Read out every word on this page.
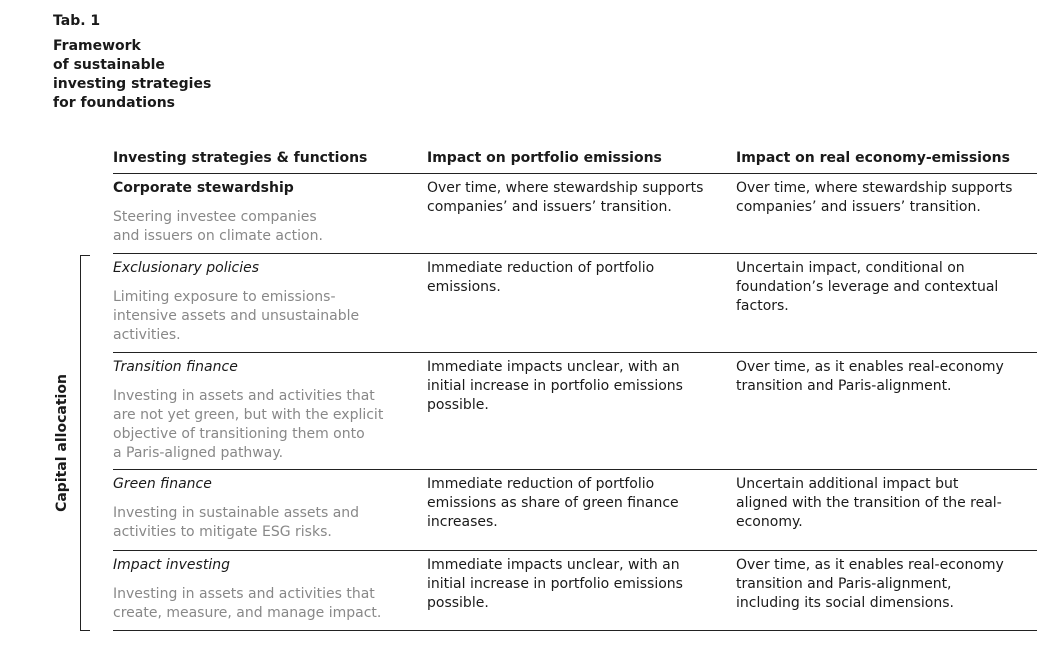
Tab. 1
Framework
of sustainable
investing strategies
for foundations
Capital allocation
Investing strategies & functions	Impact on portfolio emissions	Impact on real economy-emissions
Corporate stewardship
Steering investee companies
and issuers on climate action.
Over time, where stewardship supports
companies’ and issuers’ transition.
Over time, where stewardship supports
companies’ and issuers’ transition.
Exclusionary policies
Limiting exposure to emissions-
intensive assets and unsustainable
activities.
Immediate reduction of portfolio
emissions.
Uncertain impact, conditional on
foundation’s leverage and contextual
factors.
Transition finance
Investing in assets and activities that
are not yet green, but with the explicit
objective of transitioning them onto
a Paris-aligned pathway.
Immediate impacts unclear, with an
initial increase in portfolio emissions
possible.
Over time, as it enables real-economy
transition and Paris-alignment.
Green finance
Investing in sustainable assets and
activities to mitigate ESG risks.
Immediate reduction of portfolio
emissions as share of green finance
increases.
Uncertain additional impact but
aligned with the transition of the real-
economy.
Impact investing
Investing in assets and activities that
create, measure, and manage impact.
Immediate impacts unclear, with an
initial increase in portfolio emissions
possible.
Over time, as it enables real-economy
transition and Paris-alignment,
including its social dimensions.
